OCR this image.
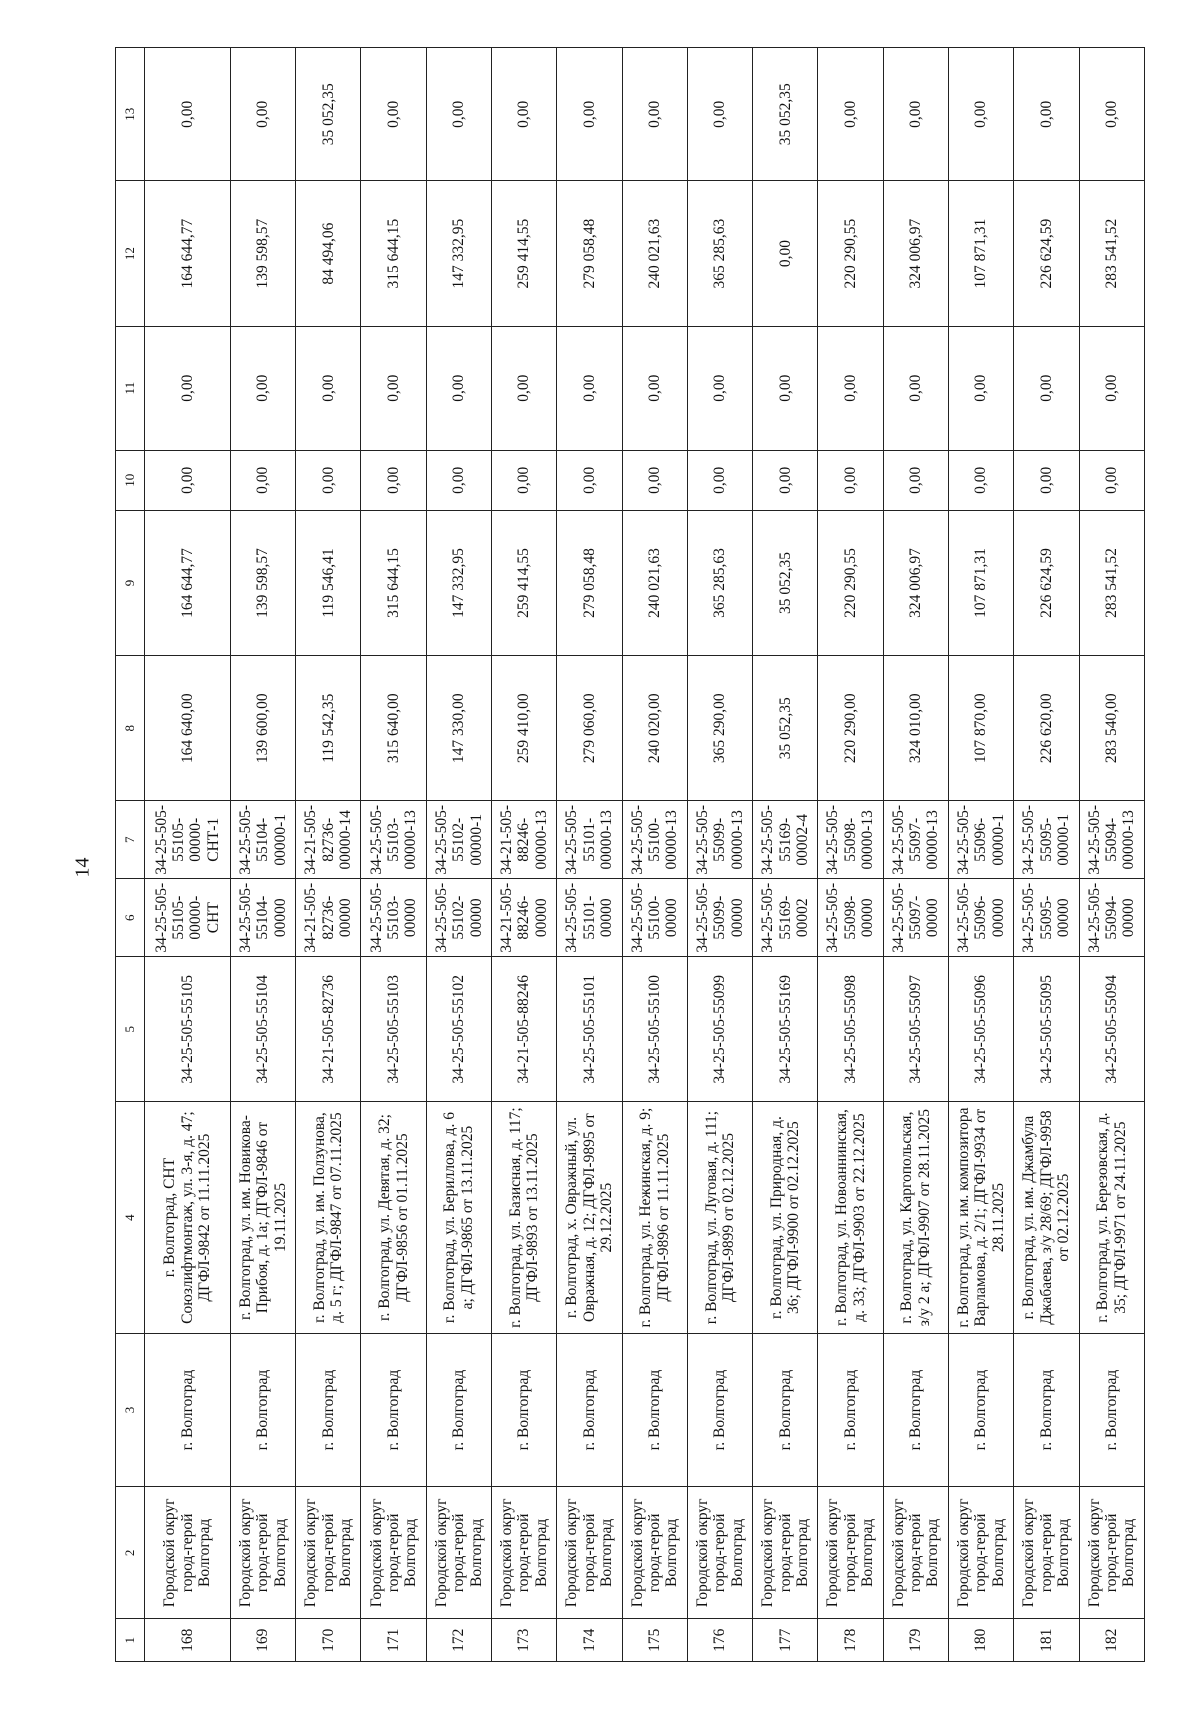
14
1	2	3	4	5	6	7	8	9	10	11	12	13
168	Городской округ город-герой Волгоград	г. Волгоград	г. Волгоград, СНТ Союзлифтмонтаж, ул. 3-я, д. 47; ДГФЛ-9842 от 11.11.2025	34-25-505-55105	34-25-505-55105-00000-СНТ	34-25-505-55105-00000-СНТ-1	164 640,00	164 644,77	0,00	0,00	164 644,77	0,00
169	Городской округ город-герой Волгоград	г. Волгоград	г. Волгоград, ул. им. Новикова-Прибоя, д. 1а; ДГФЛ-9846 от 19.11.2025	34-25-505-55104	34-25-505-55104-00000	34-25-505-55104-00000-1	139 600,00	139 598,57	0,00	0,00	139 598,57	0,00
170	Городской округ город-герой Волгоград	г. Волгоград	г. Волгоград, ул. им. Ползунова, д. 5 г; ДГФЛ-9847 от 07.11.2025	34-21-505-82736	34-21-505-82736-00000	34-21-505-82736-00000-14	119 542,35	119 546,41	0,00	0,00	84 494,06	35 052,35
171	Городской округ город-герой Волгоград	г. Волгоград	г. Волгоград, ул. Девятая, д. 32; ДГФЛ-9856 от 01.11.2025	34-25-505-55103	34-25-505-55103-00000	34-25-505-55103-00000-13	315 640,00	315 644,15	0,00	0,00	315 644,15	0,00
172	Городской округ город-герой Волгоград	г. Волгоград	г. Волгоград, ул. Бериллова, д. 6 а; ДГФЛ-9865 от 13.11.2025	34-25-505-55102	34-25-505-55102-00000	34-25-505-55102-00000-1	147 330,00	147 332,95	0,00	0,00	147 332,95	0,00
173	Городской округ город-герой Волгоград	г. Волгоград	г. Волгоград, ул. Базисная, д. 117; ДГФЛ-9893 от 13.11.2025	34-21-505-88246	34-21-505-88246-00000	34-21-505-88246-00000-13	259 410,00	259 414,55	0,00	0,00	259 414,55	0,00
174	Городской округ город-герой Волгоград	г. Волгоград	г. Волгоград, х. Овражный, ул. Овражная, д. 12; ДГФЛ-9895 от 29.12.2025	34-25-505-55101	34-25-505-55101-00000	34-25-505-55101-00000-13	279 060,00	279 058,48	0,00	0,00	279 058,48	0,00
175	Городской округ город-герой Волгоград	г. Волгоград	г. Волгоград, ул. Нежинская, д. 9; ДГФЛ-9896 от 11.11.2025	34-25-505-55100	34-25-505-55100-00000	34-25-505-55100-00000-13	240 020,00	240 021,63	0,00	0,00	240 021,63	0,00
176	Городской округ город-герой Волгоград	г. Волгоград	г. Волгоград, ул. Луговая, д. 111; ДГФЛ-9899 от 02.12.2025	34-25-505-55099	34-25-505-55099-00000	34-25-505-55099-00000-13	365 290,00	365 285,63	0,00	0,00	365 285,63	0,00
177	Городской округ город-герой Волгоград	г. Волгоград	г. Волгоград, ул. Природная, д. 36; ДГФЛ-9900 от 02.12.2025	34-25-505-55169	34-25-505-55169-00002	34-25-505-55169-00002-4	35 052,35	35 052,35	0,00	0,00	0,00	35 052,35
178	Городской округ город-герой Волгоград	г. Волгоград	г. Волгоград, ул. Новоаннинская, д. 33; ДГФЛ-9903 от 22.12.2025	34-25-505-55098	34-25-505-55098-00000	34-25-505-55098-00000-13	220 290,00	220 290,55	0,00	0,00	220 290,55	0,00
179	Городской округ город-герой Волгоград	г. Волгоград	г. Волгоград, ул. Каргопольская, з/у 2 а; ДГФЛ-9907 от 28.11.2025	34-25-505-55097	34-25-505-55097-00000	34-25-505-55097-00000-13	324 010,00	324 006,97	0,00	0,00	324 006,97	0,00
180	Городской округ город-герой Волгоград	г. Волгоград	г. Волгоград, ул. им. композитора Варламова, д. 2/1; ДГФЛ-9934 от 28.11.2025	34-25-505-55096	34-25-505-55096-00000	34-25-505-55096-00000-1	107 870,00	107 871,31	0,00	0,00	107 871,31	0,00
181	Городской округ город-герой Волгоград	г. Волгоград	г. Волгоград, ул. им. Джамбула Джабаева, з/у 28/69; ДГФЛ-9958 от 02.12.2025	34-25-505-55095	34-25-505-55095-00000	34-25-505-55095-00000-1	226 620,00	226 624,59	0,00	0,00	226 624,59	0,00
182	Городской округ город-герой Волгоград	г. Волгоград	г. Волгоград, ул. Березовская, д. 35; ДГФЛ-9971 от 24.11.2025	34-25-505-55094	34-25-505-55094-00000	34-25-505-55094-00000-13	283 540,00	283 541,52	0,00	0,00	283 541,52	0,00
